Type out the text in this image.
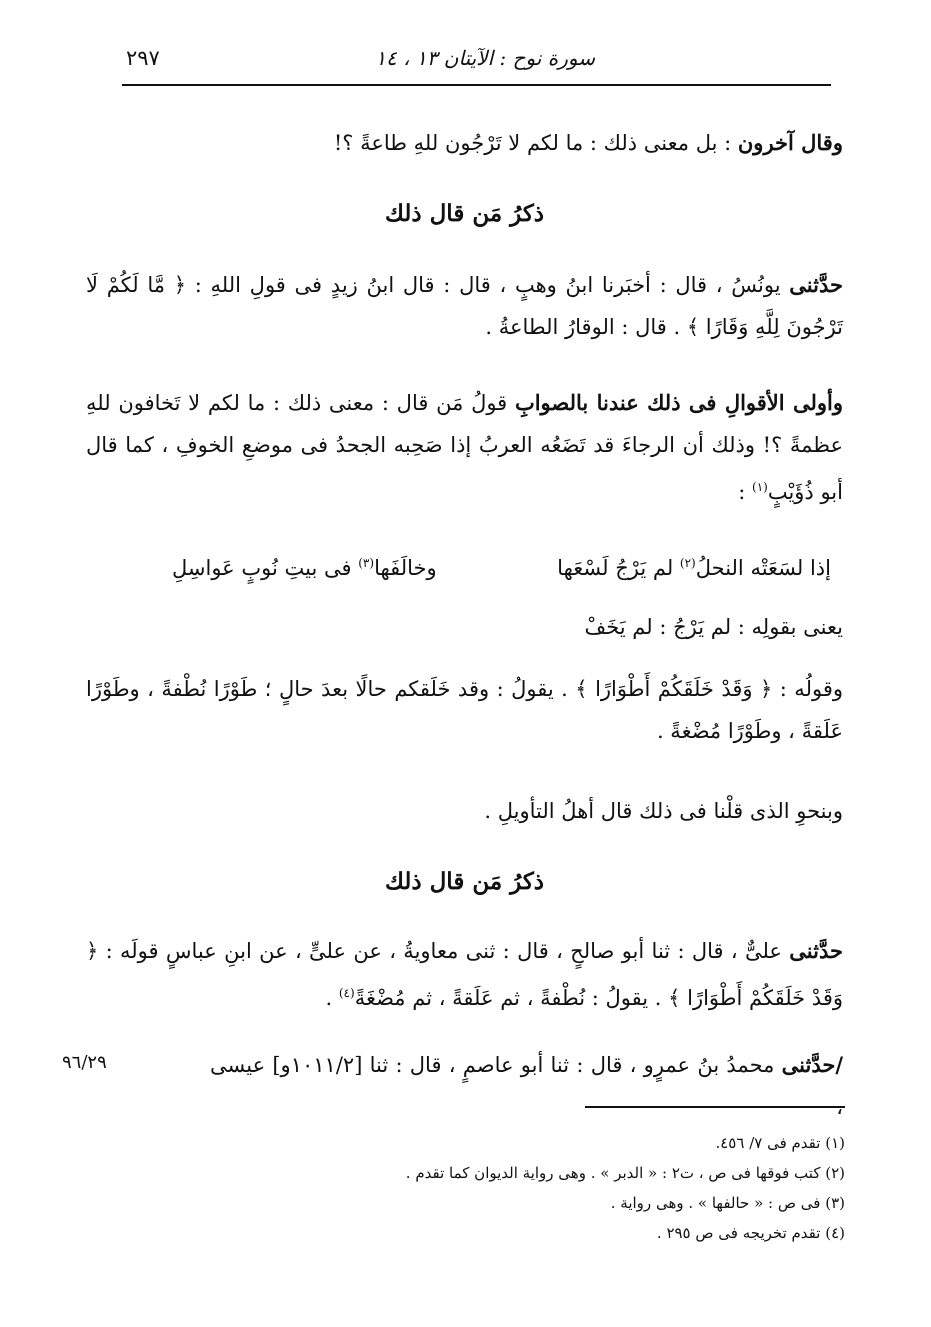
سورة نوح : الآيتان ١٣ ، ١٤
٢٩٧

وقال آخرون : بل معنى ذلك : ما لكم لا تَرْجُون للهِ طاعةً ؟!

ذكرُ مَن قال ذلك

حدَّثنى يونُسُ ، قال : أخبَرنا ابنُ وهبٍ ، قال : قال ابنُ زيدٍ فى قولِ اللهِ : ﴿ مَّا لَكُمْ لَا تَرْجُونَ لِلَّهِ وَقَارًا ﴾ . قال : الوقارُ الطاعةُ .

وأولى الأقوالِ فى ذلك عندنا بالصوابِ قولُ مَن قال : معنى ذلك : ما لكم لا تَخافون للهِ عظمةً ؟! وذلك أن الرجاءَ قد تَضَعُه العربُ إذا صَحِبه الجحدُ فى موضعِ الخوفِ ، كما قال أبو ذُؤَيْبٍ$^{(١)}$ :

إذا لسَعَتْه النحلُ$^{(٢)}$ لم يَرْجُ لَسْعَها
وخالَفَها$^{(٣)}$ فى بيتِ نُوبٍ عَواسِلِ

يعنى بقولِه : لم يَرْجُ : لم يَخَفْ

وقولُه : ﴿ وَقَدْ خَلَقَكُمْ أَطْوَارًا ﴾ . يقولُ : وقد خَلَقكم حالًا بعدَ حالٍ ؛ طَوْرًا نُطْفةً ، وطَوْرًا عَلَقةً ، وطَوْرًا مُضْغةً .

وبنحوِ الذى قلْنا فى ذلك قال أهلُ التأويلِ .

ذكرُ مَن قال ذلك

حدَّثنى علىٌّ ، قال : ثنا أبو صالحٍ ، قال : ثنى معاويةُ ، عن علىٍّ ، عن ابنِ عباسٍ قولَه : ﴿ وَقَدْ خَلَقَكُمْ أَطْوَارًا ﴾ . يقولُ : نُطْفةً ، ثم عَلَقةً ، ثم مُضْغَةً$^{(٤)}$ .

/حدَّثنى محمدُ بنُ عمرٍو ، قال : ثنا أبو عاصمٍ ، قال : ثنا [١٠١١/٢و] عيسى ،

٩٦/٢٩
(١) تقدم فى ٧/ ٤٥٦.
(٢) كتب فوقها فى ص ، ت٢ : « الدبر » . وهى رواية الديوان كما تقدم .
(٣) فى ص : « حالفها » . وهى رواية .
(٤) تقدم تخريجه فى ص ٢٩٥ .
